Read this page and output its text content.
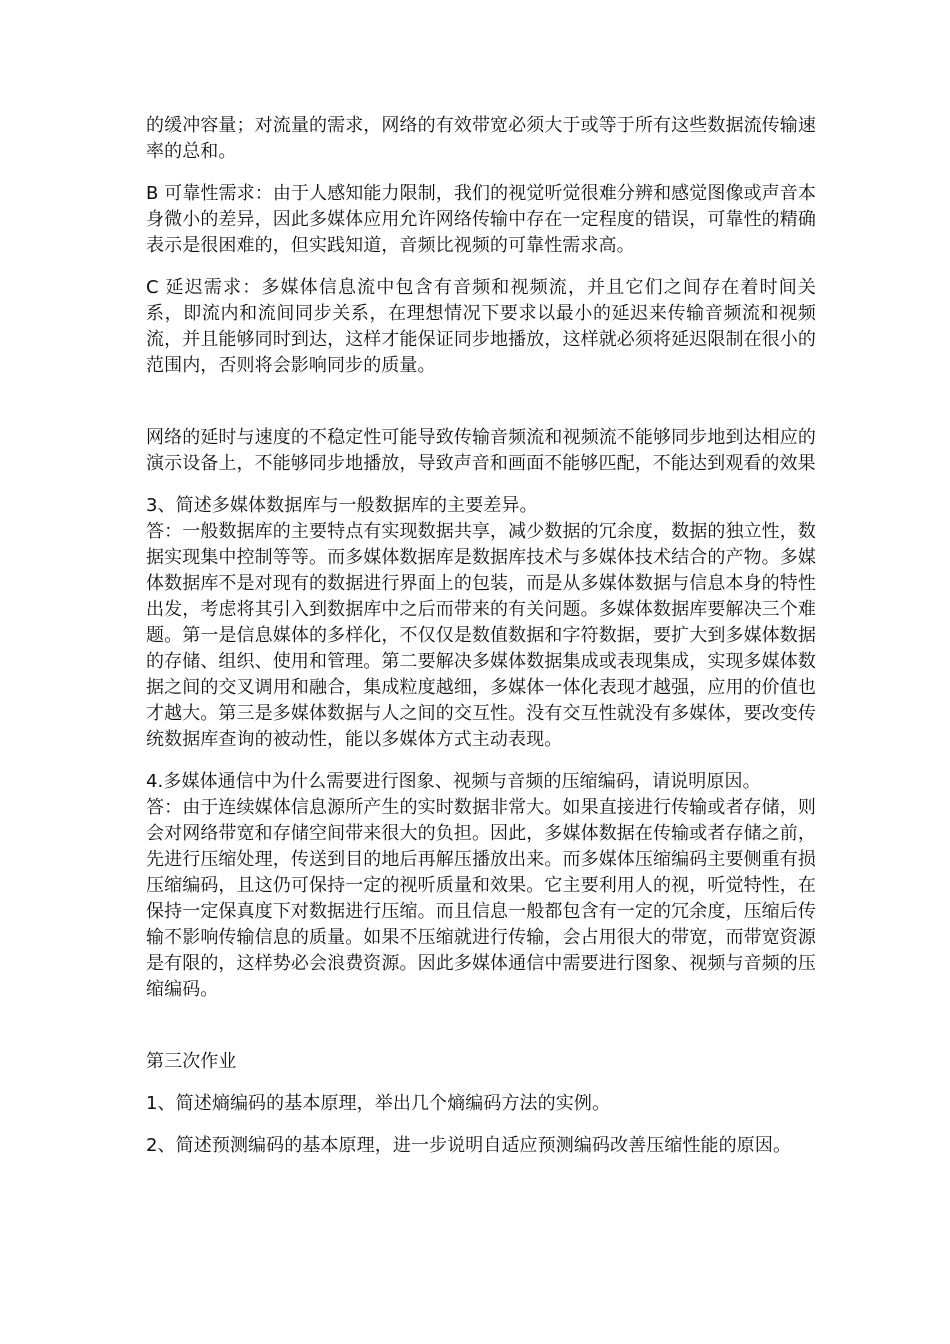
的缓冲容量；对流量的需求，网络的有效带宽必须大于或等于所有这些数据流传输速率的总和。

B 可靠性需求：由于人感知能力限制，我们的视觉听觉很难分辨和感觉图像或声音本身微小的差异，因此多媒体应用允许网络传输中存在一定程度的错误，可靠性的精确表示是很困难的，但实践知道，音频比视频的可靠性需求高。

C 延迟需求：多媒体信息流中包含有音频和视频流，并且它们之间存在着时间关系，即流内和流间同步关系，在理想情况下要求以最小的延迟来传输音频流和视频流，并且能够同时到达，这样才能保证同步地播放，这样就必须将延迟限制在很小的范围内，否则将会影响同步的质量。

网络的延时与速度的不稳定性可能导致传输音频流和视频流不能够同步地到达相应的演示设备上，不能够同步地播放，导致声音和画面不能够匹配，不能达到观看的效果

3、简述多媒体数据库与一般数据库的主要差异。

答：一般数据库的主要特点有实现数据共享，减少数据的冗余度，数据的独立性，数据实现集中控制等等。而多媒体数据库是数据库技术与多媒体技术结合的产物。多媒体数据库不是对现有的数据进行界面上的包装，而是从多媒体数据与信息本身的特性出发，考虑将其引入到数据库中之后而带来的有关问题。多媒体数据库要解决三个难题。第一是信息媒体的多样化，不仅仅是数值数据和字符数据，要扩大到多媒体数据的存储、组织、使用和管理。第二要解决多媒体数据集成或表现集成，实现多媒体数据之间的交叉调用和融合，集成粒度越细，多媒体一体化表现才越强，应用的价值也才越大。第三是多媒体数据与人之间的交互性。没有交互性就没有多媒体，要改变传统数据库查询的被动性，能以多媒体方式主动表现。

4.多媒体通信中为什么需要进行图象、视频与音频的压缩编码，请说明原因。

答：由于连续媒体信息源所产生的实时数据非常大。如果直接进行传输或者存储，则会对网络带宽和存储空间带来很大的负担。因此，多媒体数据在传输或者存储之前，先进行压缩处理，传送到目的地后再解压播放出来。而多媒体压缩编码主要侧重有损压缩编码，且这仍可保持一定的视听质量和效果。它主要利用人的视，听觉特性，在保持一定保真度下对数据进行压缩。而且信息一般都包含有一定的冗余度，压缩后传输不影响传输信息的质量。如果不压缩就进行传输，会占用很大的带宽，而带宽资源是有限的，这样势必会浪费资源。因此多媒体通信中需要进行图象、视频与音频的压缩编码。

第三次作业

1、简述熵编码的基本原理，举出几个熵编码方法的实例。

2、简述预测编码的基本原理，进一步说明自适应预测编码改善压缩性能的原因。
